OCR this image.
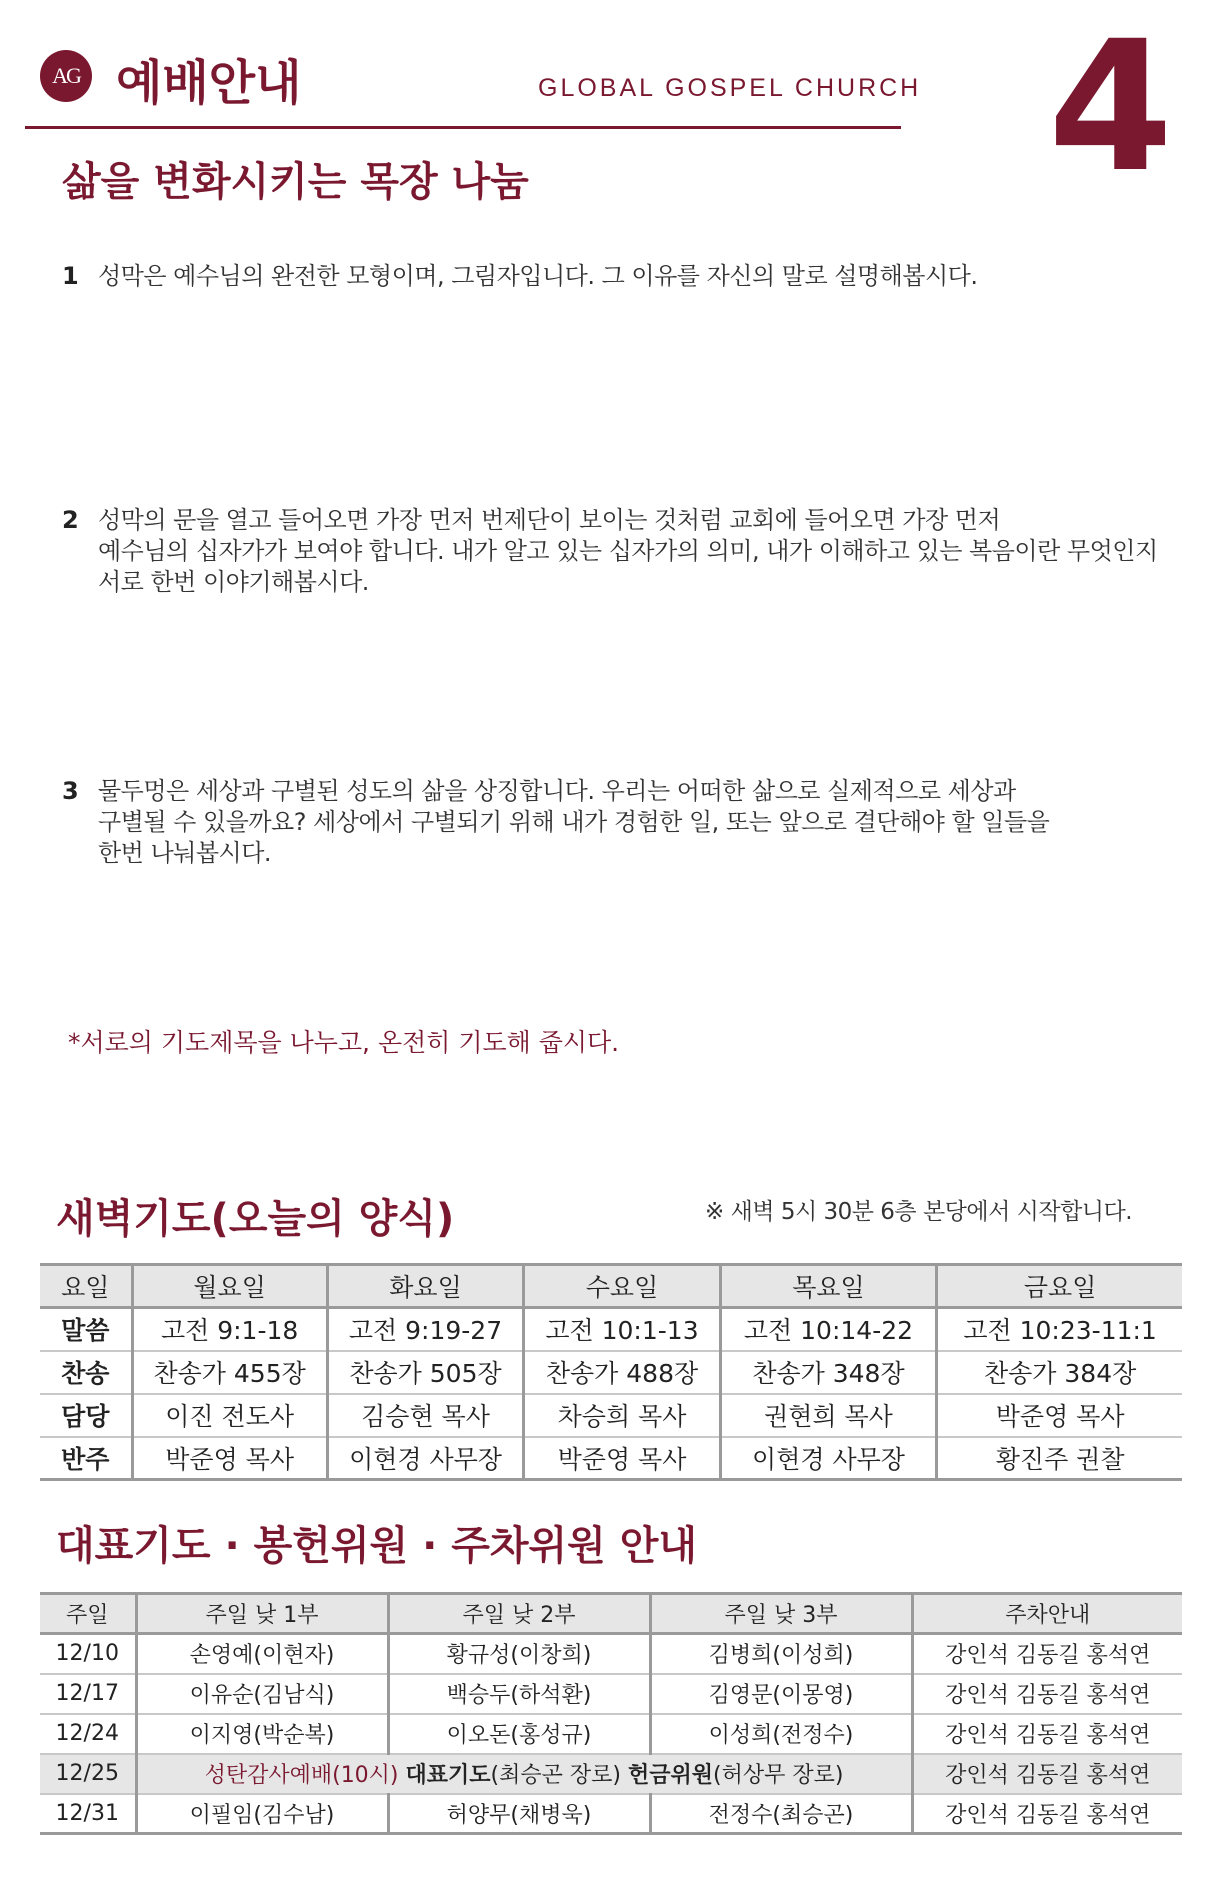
AG 예배안내	GLOBAL GOSPEL CHURCH 4
삶을 변화시키는 목장 나눔
1 성막은 예수님의 완전한 모형이며, 그림자입니다. 그 이유를 자신의 말로 설명해봅시다.
2 성막의 문을 열고 들어오면 가장 먼저 번제단이 보이는 것처럼 교회에 들어오면 가장 먼저
예수님의 십자가가 보여야 합니다. 내가 알고 있는 십자가의 의미, 내가 이해하고 있는 복음이란 무엇인지
서로 한번 이야기해봅시다.
3 물두멍은 세상과 구별된 성도의 삶을 상징합니다. 우리는 어떠한 삶으로 실제적으로 세상과
구별될 수 있을까요? 세상에서 구별되기 위해 내가 경험한 일, 또는 앞으로 결단해야 할 일들을
한번 나눠봅시다.
*서로의 기도제목을 나누고, 온전히 기도해 줍시다.
새벽기도(오늘의 양식)	※ 새벽 5시 30분 6층 본당에서 시작합니다.
요일	월요일	화요일	수요일	목요일	금요일
말씀	고전 9:1-18	고전 9:19-27	고전 10:1-13	고전 10:14-22	고전 10:23-11:1
찬송	찬송가 455장	찬송가 505장	찬송가 488장	찬송가 348장	찬송가 384장
담당	이진 전도사	김승현 목사	차승희 목사	권현희 목사	박준영 목사
반주	박준영 목사	이현경 사무장	박준영 목사	이현경 사무장	황진주 권찰
대표기도 · 봉헌위원 · 주차위원 안내
주일	주일 낮 1부	주일 낮 2부	주일 낮 3부	주차안내
12/10	손영예(이현자)	황규성(이창희)	김병희(이성희)	강인석 김동길 홍석연
12/17	이유순(김남식)	백승두(하석환)	김영문(이몽영)	강인석 김동길 홍석연
12/24	이지영(박순복)	이오돈(홍성규)	이성희(전정수)	강인석 김동길 홍석연
12/25	성탄감사예배(10시) 대표기도(최승곤 장로) 헌금위원(허상무 장로)			강인석 김동길 홍석연
12/31	이필임(김수남)	허양무(채병욱)	전정수(최승곤)	강인석 김동길 홍석연
